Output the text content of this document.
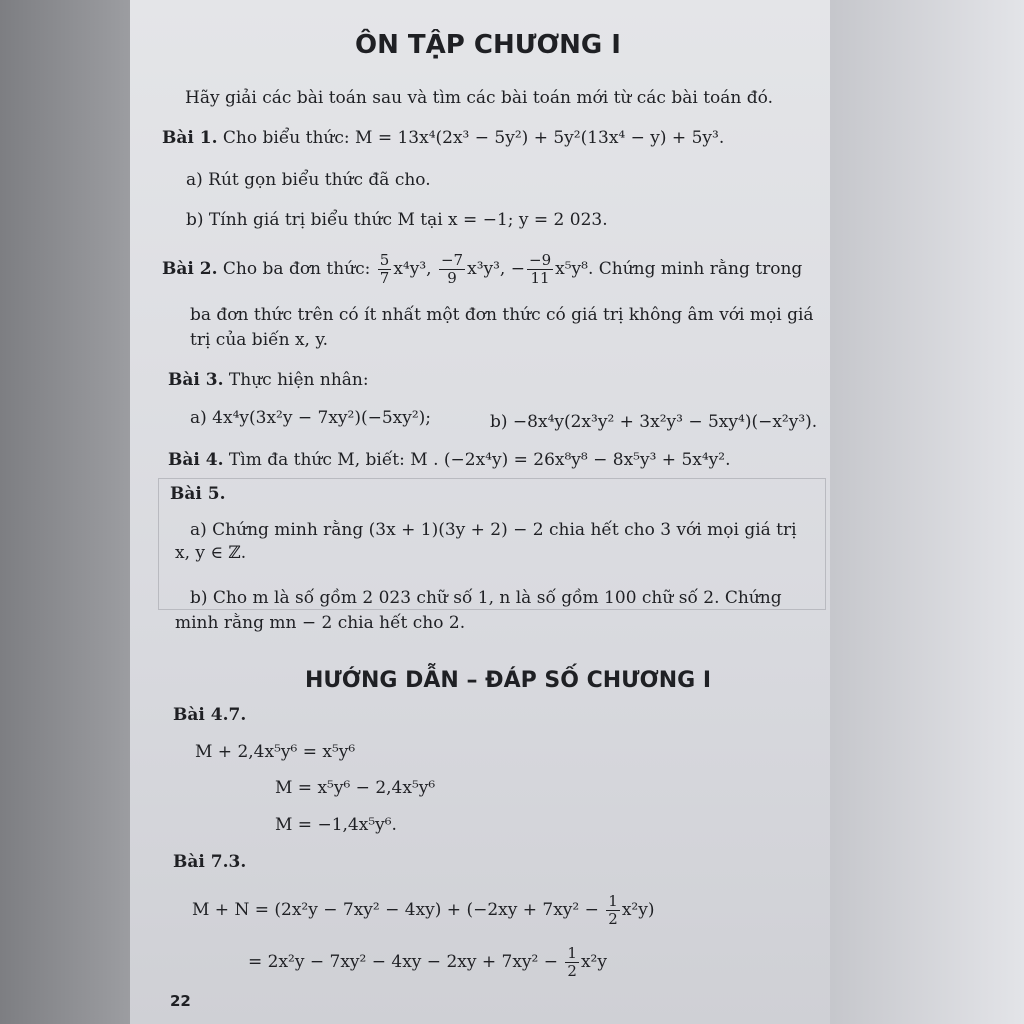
ÔN TẬP CHƯƠNG I
Hãy giải các bài toán sau và tìm các bài toán mới từ các bài toán đó.
Bài 1. Cho biểu thức: M = 13x⁴(2x³ − 5y²) + 5y²(13x⁴ − y) + 5y³.
a) Rút gọn biểu thức đã cho.
b) Tính giá trị biểu thức M tại x = −1; y = 2 023.
Bài 2. Cho ba đơn thức: $\frac{5}{7} x^4y^3$, $\frac{-7}{9} x^3y^3$, − $\frac{-9}{11} x^5y^8$. Chứng minh rằng trong
ba đơn thức trên có ít nhất một đơn thức có giá trị không âm với mọi giá
trị của biến x, y.
Bài 3. Thực hiện nhân:
a) 4x⁴y(3x²y − 7xy²)(−5xy²);	b) −8x⁴y(2x³y² + 3x²y³ − 5xy⁴)(−x²y³).
Bài 4. Tìm đa thức M, biết: M . (−2x⁴y) = 26x⁸y⁸ − 8x⁵y³ + 5x⁴y².
Bài 5.
a) Chứng minh rằng (3x + 1)(3y + 2) − 2 chia hết cho 3 với mọi giá trị
x, y ∈ ℤ.
b) Cho m là số gồm 2 023 chữ số 1, n là số gồm 100 chữ số 2. Chứng
minh rằng mn − 2 chia hết cho 2.
HƯỚNG DẪN – ĐÁP SỐ CHƯƠNG I
Bài 4.7.
M + 2,4x⁵y⁶ = x⁵y⁶
M = x⁵y⁶ − 2,4x⁵y⁶
M = −1,4x⁵y⁶.
Bài 7.3.
$M + N = (2x^2y - 7xy^2 - 4xy) + (-2xy + 7xy^2 - \frac{1}{2} x^2y)$
= $2x^2y - 7xy^2 - 4xy - 2xy + 7xy^2 - \frac{1}{2} x^2y$
22
